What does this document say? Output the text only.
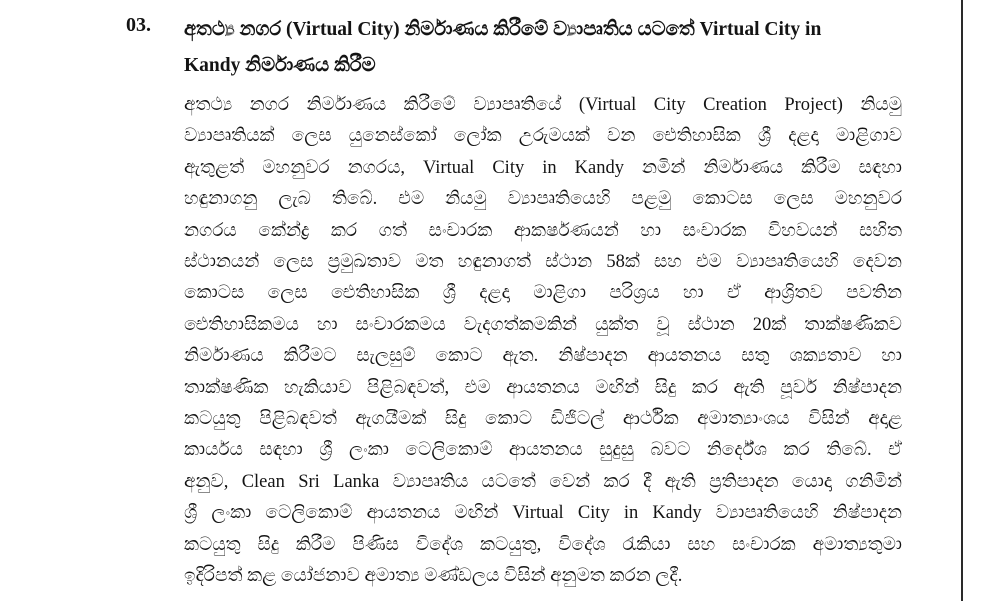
03. අතථ්‍ය නගර (Virtual City) නිර්මාණය කිරීමේ ව්‍යාපෘතිය යටතේ Virtual City in
Kandy නිර්මාණය කිරීම
අතථ්‍ය නගර නිර්මාණය කිරීමේ ව්‍යාපෘතියේ (Virtual City Creation Project) නියමු
ව්‍යාපෘතියක් ලෙස යුනෙස්කෝ ලෝක උරුමයක් වන ඓතිහාසික ශ්‍රී දළදා මාළිගාව
ඇතුළත් මහනුවර නගරය, Virtual City in Kandy නමින් නිර්මාණය කිරීම සඳහා
හඳුනාගනු ලැබ තිබේ. එම නියමු ව්‍යාපෘතියෙහි පළමු කොටස ලෙස මහනුවර
නගරය කේන්ද්‍ර කර ගත් සංචාරක ආකර්ෂණයන් හා සංචාරක විහවයන් සහිත
ස්ථානයන් ලෙස ප්‍රමුඛතාව මත හඳුනාගත් ස්ථාන 58ක් සහ එම ව්‍යාපෘතියෙහි දෙවන
කොටස ලෙස ඓතිහාසික ශ්‍රී දළදා මාළිගා පරිශ්‍රය හා ඒ ආශ්‍රිතව පවතින
ඓතිහාසිකමය හා සංචාරකමය වැදගත්කමකින් යුක්ත වූ ස්ථාන 20ක් තාක්ෂණිකව
නිර්මාණය කිරීමට සැලසුම් කොට ඇත. නිෂ්පාදන ආයතනය සතු ශක්‍යතාව හා
තාක්ෂණික හැකියාව පිළිබඳවත්, එම ආයතනය මඟින් සිදු කර ඇති පූර්ව නිෂ්පාදන
කටයුතු පිළිබඳවත් ඇගයීමක් සිදු කොට ඩිජිටල් ආර්ථික අමාත්‍යාංශය විසින් අදාළ
කාර්යය සඳහා ශ්‍රී ලංකා ටෙලිකොම් ආයතනය සුදුසු බවට නිර්දේශ කර තිබේ. ඒ
අනුව, Clean Sri Lanka ව්‍යාපෘතිය යටතේ වෙන් කර දී ඇති ප්‍රතිපාදන යොදා ගනිමින්
ශ්‍රී ලංකා ටෙලිකොම් ආයතනය මඟින් Virtual City in Kandy ව්‍යාපෘතියෙහි නිෂ්පාදන
කටයුතු සිදු කිරීම පිණිස විදේශ කටයුතු, විදේශ රැකියා සහ සංචාරක අමාත්‍යතුමා
ඉදිරිපත් කළ යෝජනාව අමාත්‍ය මණ්ඩලය විසින් අනුමත කරන ලදී.
